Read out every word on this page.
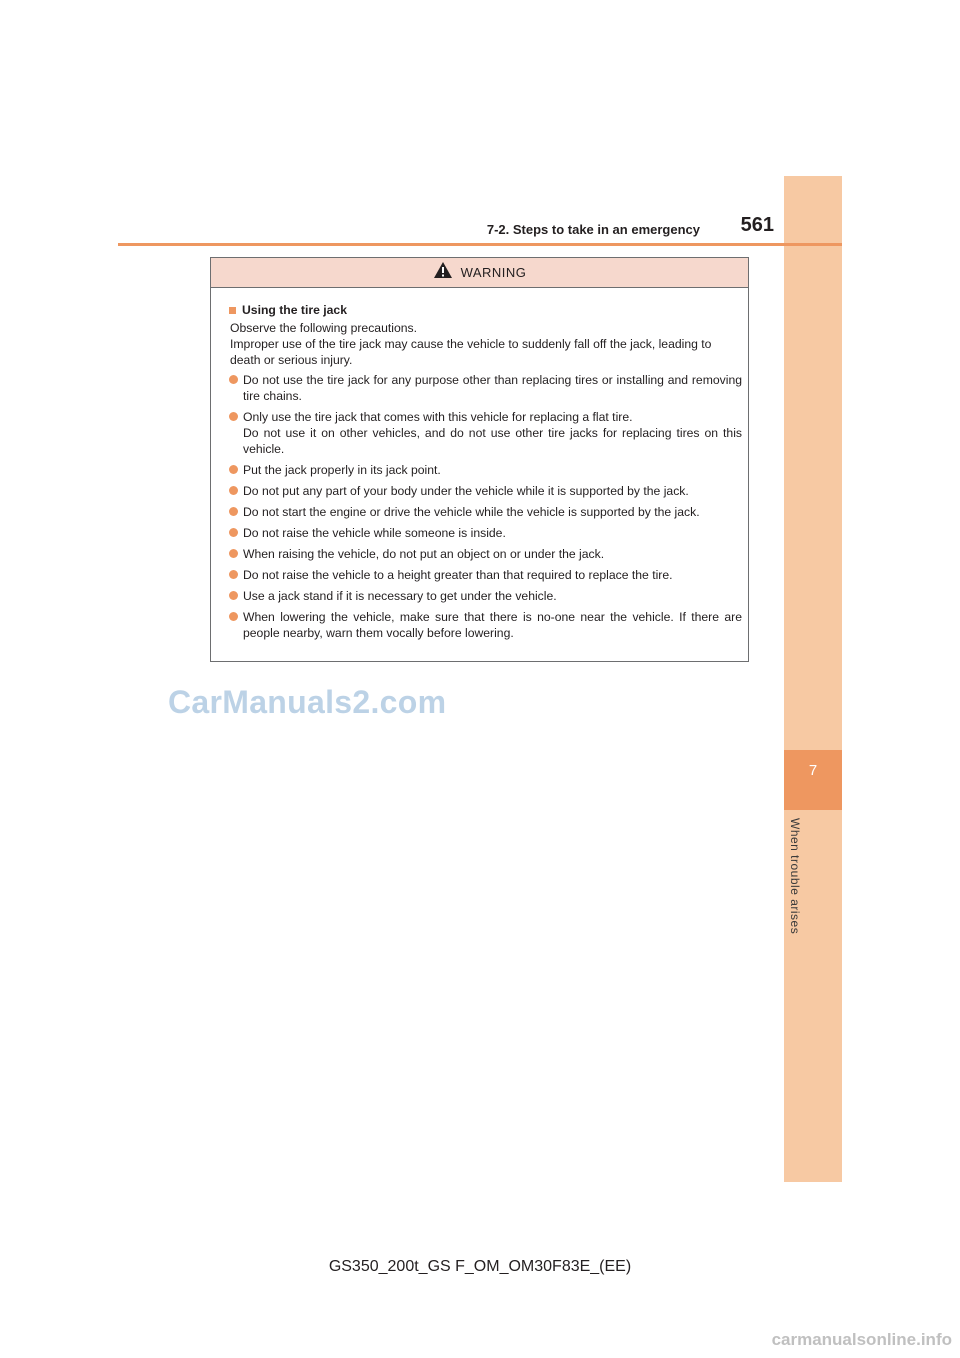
7
When trouble arises
7-2. Steps to take in an emergency	561
WARNING
Using the tire jack

Observe the following precautions.

Improper use of the tire jack may cause the vehicle to suddenly fall off the jack, leading to death or serious injury.

Do not use the tire jack for any purpose other than replacing tires or installing and removing tire chains.
Only use the tire jack that comes with this vehicle for replacing a flat tire.
Do not use it on other vehicles, and do not use other tire jacks for replacing tires on this vehicle.
Put the jack properly in its jack point.
Do not put any part of your body under the vehicle while it is supported by the jack.
Do not start the engine or drive the vehicle while the vehicle is supported by the jack.
Do not raise the vehicle while someone is inside.
When raising the vehicle, do not put an object on or under the jack.
Do not raise the vehicle to a height greater than that required to replace the tire.
Use a jack stand if it is necessary to get under the vehicle.
When lowering the vehicle, make sure that there is no-one near the vehicle. If there are people nearby, warn them vocally before lowering.
CarManuals2.com
GS350_200t_GS F_OM_OM30F83E_(EE)
carmanualsonline.info
